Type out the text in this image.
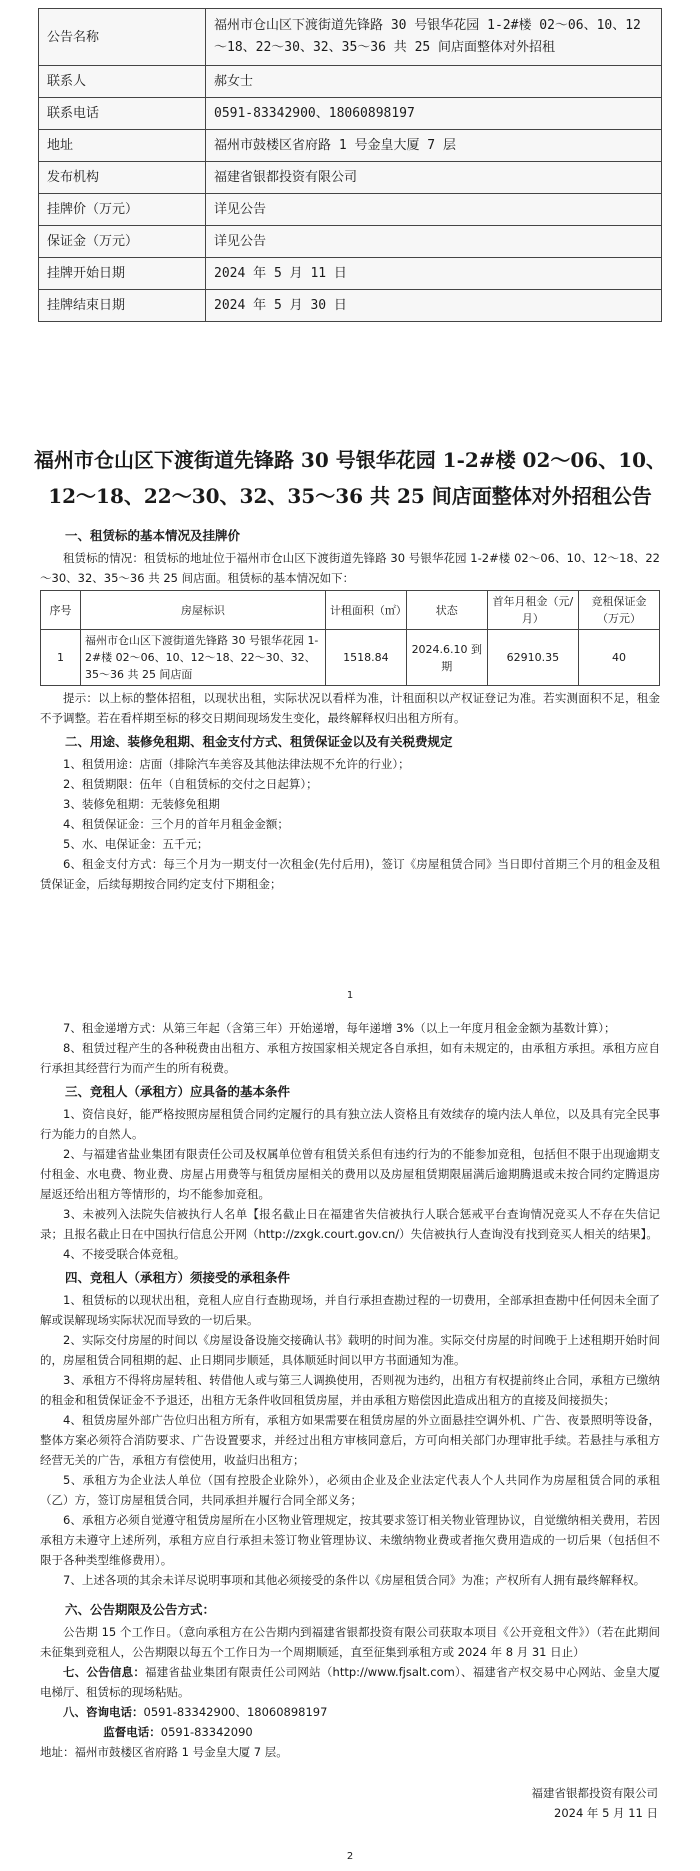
公告名称	福州市仓山区下渡街道先锋路 30 号银华花园 1-2#楼 02～06、10、12～18、22～30、32、35～36 共 25 间店面整体对外招租
联系人	郝女士
联系电话	0591-83342900、18060898197
地址	福州市鼓楼区省府路 1 号金皇大厦 7 层
发布机构	福建省银都投资有限公司
挂牌价（万元）	详见公告
保证金（万元）	详见公告
挂牌开始日期	2024 年 5 月 11 日
挂牌结束日期	2024 年 5 月 30 日
福州市仓山区下渡街道先锋路 30 号银华花园 1-2#楼 02～06、10、12～18、22～30、32、35～36 共 25 间店面整体对外招租公告
一、租赁标的基本情况及挂牌价

租赁标的情况：租赁标的地址位于福州市仓山区下渡街道先锋路 30 号银华花园 1-2#楼 02～06、10、12～18、22～30、32、35～36 共 25 间店面。租赁标的基本情况如下：

序号	房屋标识	计租面积（㎡）	状态	首年月租金（元/月）	竞租保证金（万元）
1	福州市仓山区下渡街道先锋路 30 号银华花园 1-2#楼 02～06、10、12～18、22～30、32、35～36 共 25 间店面	1518.84	2024.6.10 到期	62910.35	40

提示：以上标的整体招租，以现状出租，实际状况以看样为准，计租面积以产权证登记为准。若实测面积不足，租金不予调整。若在看样期至标的移交日期间现场发生变化，最终解释权归出租方所有。

二、用途、装修免租期、租金支付方式、租赁保证金以及有关税费规定

1、租赁用途：店面（排除汽车美容及其他法律法规不允许的行业）；

2、租赁期限：伍年（自租赁标的交付之日起算）；

3、装修免租期：无装修免租期

4、租赁保证金：三个月的首年月租金金额；

5、水、电保证金：五千元；

6、租金支付方式：每三个月为一期支付一次租金(先付后用)，签订《房屋租赁合同》当日即付首期三个月的租金及租赁保证金，后续每期按合同约定支付下期租金；

1

7、租金递增方式：从第三年起（含第三年）开始递增，每年递增 3%（以上一年度月租金金额为基数计算）；

8、租赁过程产生的各种税费由出租方、承租方按国家相关规定各自承担，如有未规定的，由承租方承担。承租方应自行承担其经营行为而产生的所有税费。

三、竞租人（承租方）应具备的基本条件

1、资信良好，能严格按照房屋租赁合同约定履行的具有独立法人资格且有效续存的境内法人单位，以及具有完全民事行为能力的自然人。

2、与福建省盐业集团有限责任公司及权属单位曾有租赁关系但有违约行为的不能参加竞租，包括但不限于出现逾期支付租金、水电费、物业费、房屋占用费等与租赁房屋相关的费用以及房屋租赁期限届满后逾期腾退或未按合同约定腾退房屋返还给出租方等情形的，均不能参加竞租。

3、未被列入法院失信被执行人名单【报名截止日在福建省失信被执行人联合惩戒平台查询情况竞买人不存在失信记录；且报名截止日在中国执行信息公开网（http://zxgk.court.gov.cn/）失信被执行人查询没有找到竞买人相关的结果】。

4、不接受联合体竞租。

四、竞租人（承租方）须接受的承租条件

1、租赁标的以现状出租，竞租人应自行查勘现场，并自行承担查勘过程的一切费用，全部承担查勘中任何因未全面了解或误解现场实际状况而导致的一切后果。

2、实际交付房屋的时间以《房屋设备设施交接确认书》载明的时间为准。实际交付房屋的时间晚于上述租期开始时间的，房屋租赁合同租期的起、止日期同步顺延，具体顺延时间以甲方书面通知为准。

3、承租方不得将房屋转租、转借他人或与第三人调换使用，否则视为违约，出租方有权提前终止合同，承租方已缴纳的租金和租赁保证金不予退还，出租方无条件收回租赁房屋，并由承租方赔偿因此造成出租方的直接及间接损失；

4、租赁房屋外部广告位归出租方所有，承租方如果需要在租赁房屋的外立面悬挂空调外机、广告、夜景照明等设备，整体方案必须符合消防要求、广告设置要求，并经过出租方审核同意后，方可向相关部门办理审批手续。若悬挂与承租方经营无关的广告，承租方有偿使用，收益归出租方；

5、承租方为企业法人单位（国有控股企业除外），必须由企业及企业法定代表人个人共同作为房屋租赁合同的承租（乙）方，签订房屋租赁合同，共同承担并履行合同全部义务；

6、承租方必须自觉遵守租赁房屋所在小区物业管理规定，按其要求签订相关物业管理协议，自觉缴纳相关费用，若因承租方未遵守上述所列，承租方应自行承担未签订物业管理协议、未缴纳物业费或者拖欠费用造成的一切后果（包括但不限于各种类型维修费用）。

7、上述各项的其余未详尽说明事项和其他必须接受的条件以《房屋租赁合同》为准；产权所有人拥有最终解释权。

六、公告期限及公告方式：

公告期 15 个工作日。（意向承租方在公告期内到福建省银都投资有限公司获取本项目《公开竞租文件》）（若在此期间未征集到竞租人，公告期限以每五个工作日为一个周期顺延，直至征集到承租方或 2024 年 8 月 31 日止）

七、公告信息：福建省盐业集团有限责任公司网站（http://www.fjsalt.com）、福建省产权交易中心网站、金皇大厦电梯厅、租赁标的现场粘贴。

八、咨询电话：0591-83342900、18060898197

监督电话：0591-83342090

地址：福州市鼓楼区省府路 1 号金皇大厦 7 层。

福建省银都投资有限公司
2024 年 5 月 11 日
2
